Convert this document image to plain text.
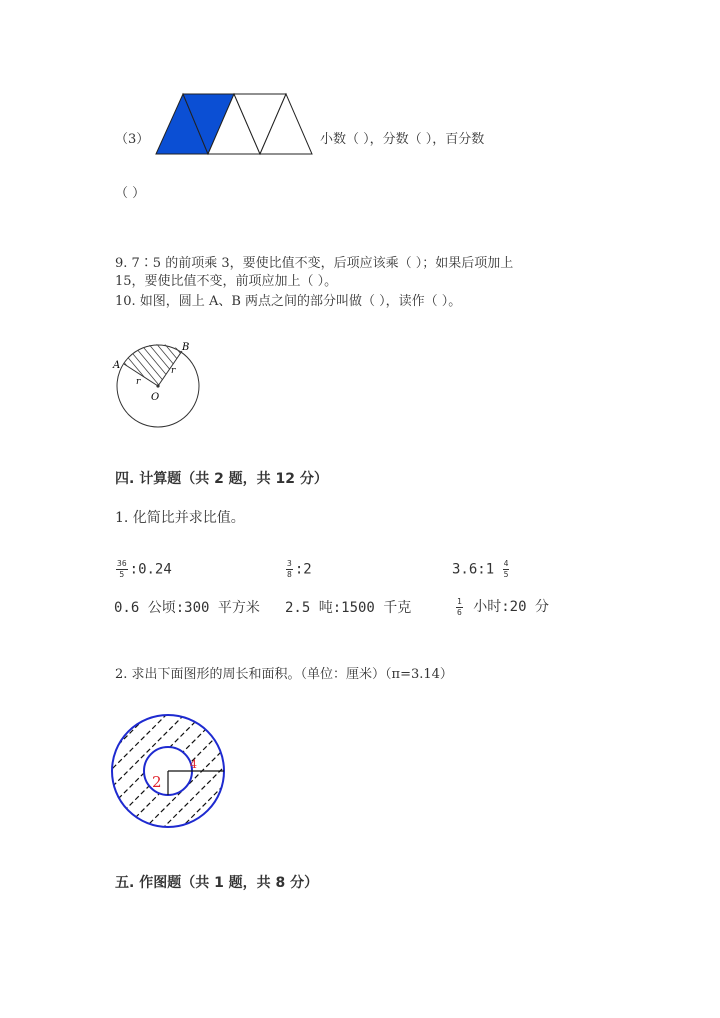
（3）	小数（ ），分数（ ），百分数
（ ）
9. 7∶5 的前项乘 3，要使比值不变，后项应该乘（ ）；如果后项加上
15，要使比值不变，前项应加上（ ）。
10. 如图，圆上 A、B 两点之间的部分叫做（ ），读作（ ）。
A
B
r
r
O
四. 计算题（共 2 题，共 12 分）
1. 化简比并求比值。
$\frac{36}{5}$ :0.24	$\frac{3}{8}$ :2	3.6:1 $\frac{4}{5}$
0.6 公顷:300 平方米 2.5 吨:1500 千克	$\frac{1}{6}$ 小时:20 分
2. 求出下面图形的周长和面积。（单位：厘米）（π=3.14）
2
4
五. 作图题（共 1 题，共 8 分）
